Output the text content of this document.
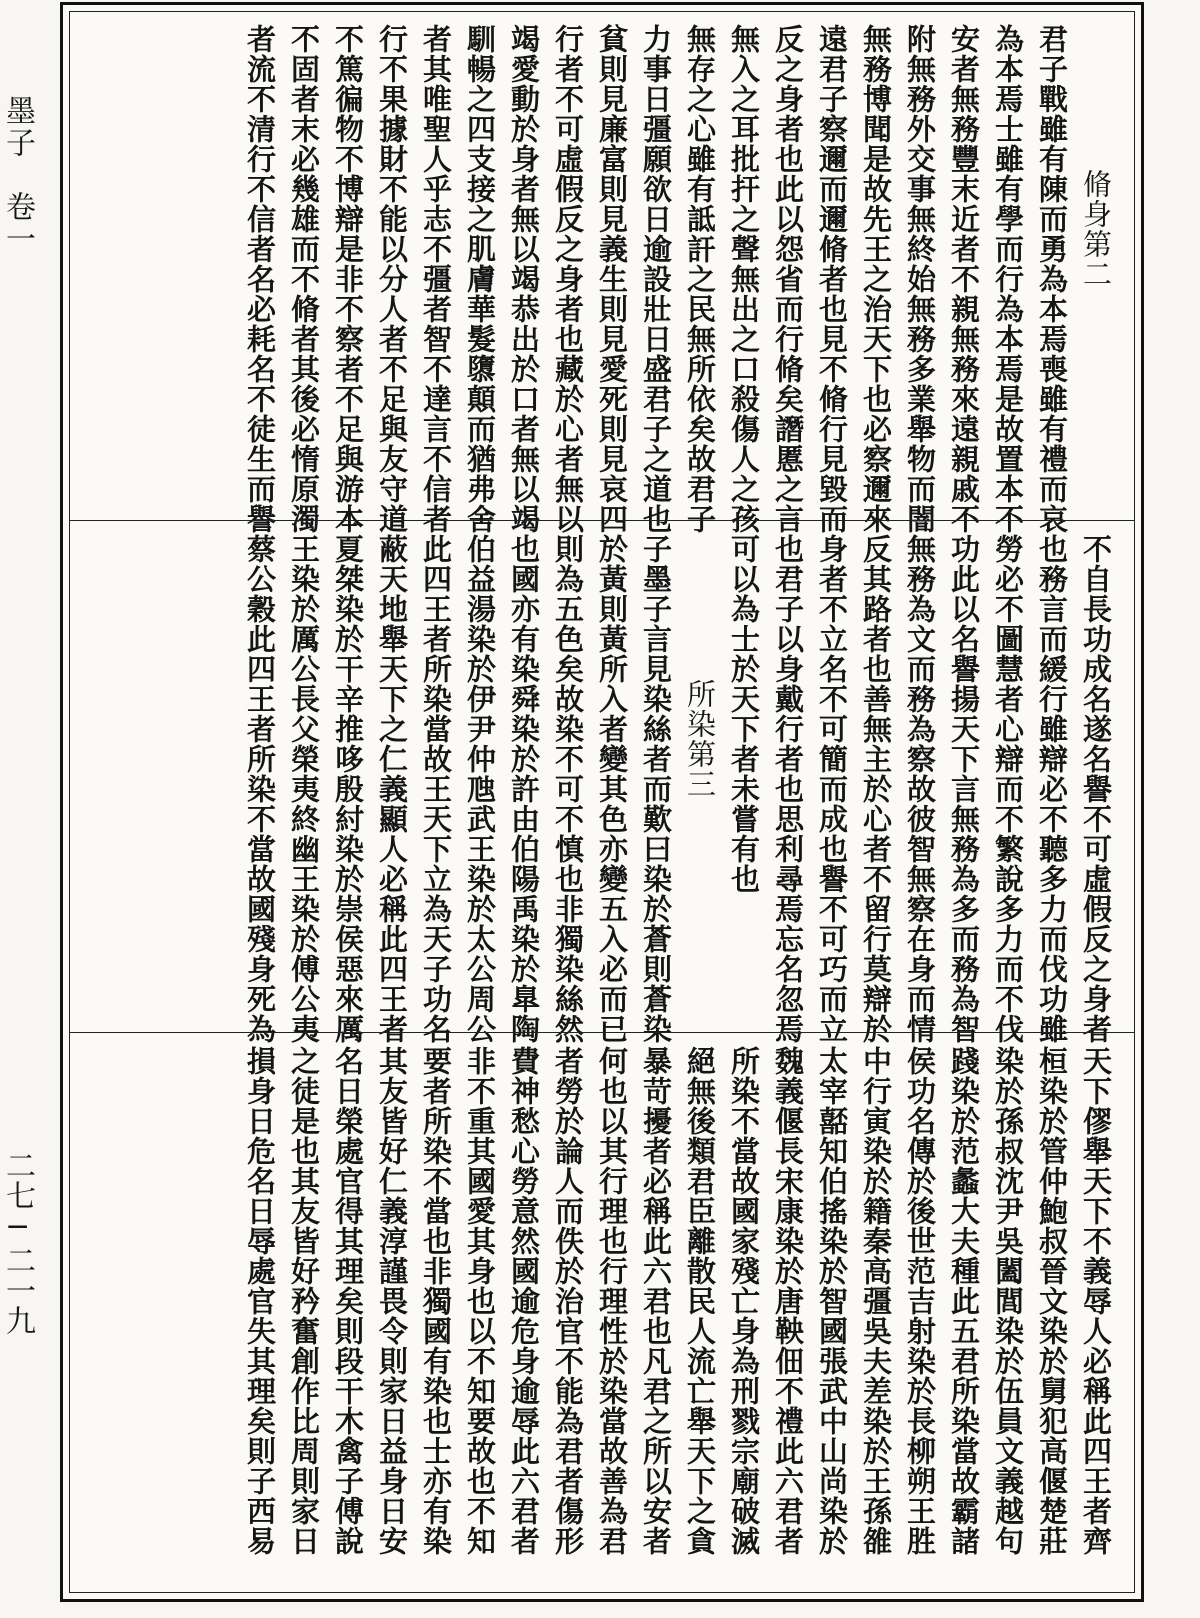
墨子　卷一
二七─二一九
脩身第二
君子戰雖有陳而勇為本焉喪雖有禮而哀
為本焉士雖有學而行為本焉是故置本不
安者無務豐末近者不親無務來遠親戚不
附無務外交事無終始無務多業舉物而闇
無務博聞是故先王之治天下也必察邇來
遠君子察邇而邇脩者也見不脩行見毀而
反之身者也此以怨省而行脩矣譖慝之言
無入之耳批扞之聲無出之口殺傷人之孩
無存之心雖有詆訐之民無所依矣故君子
力事日彊願欲日逾設壯日盛君子之道也
貧則見廉富則見義生則見愛死則見哀四
行者不可虛假反之身者也藏於心者無以
竭愛動於身者無以竭恭出於口者無以竭
馴暢之四支接之肌膚華髮隳顛而猶弗舍
者其唯聖人乎志不彊者智不達言不信者
行不果據財不能以分人者不足與友守道
不篤徧物不博辯是非不察者不足與游本
不固者末必幾雄而不脩者其後必惰原濁
者流不清行不信者名必耗名不徒生而譽
不自長功成名遂名譽不可虛假反之身者
也務言而緩行雖辯必不聽多力而伐功雖
勞必不圖慧者心辯而不繁說多力而不伐
功此以名譽揚天下言無務為多而務為智
無務為文而務為察故彼智無察在身而情
反其路者也善無主於心者不留行莫辯於
身者不立名不可簡而成也譽不可巧而立
也君子以身戴行者也思利尋焉忘名忽焉
可以為士於天下者未嘗有也
所染第三
子墨子言見染絲者而歎曰染於蒼則蒼染
於黃則黃所入者變其色亦變五入必而已
則為五色矣故染不可不慎也非獨染絲然
也國亦有染舜染於許由伯陽禹染於臯陶
伯益湯染於伊尹仲虺武王染於太公周公
此四王者所染當故王天下立為天子功名
蔽天地舉天下之仁義顯人必稱此四王者
夏桀染於干辛推哆殷紂染於崇侯惡來厲
王染於厲公長父榮夷終幽王染於傅公夷
蔡公穀此四王者所染不當故國殘身死為
天下僇舉天下不義辱人必稱此四王者齊
桓染於管仲鮑叔晉文染於舅犯高偃楚莊
染於孫叔沈尹吳闔閭染於伍員文義越句
踐染於范蠡大夫種此五君所染當故霸諸
侯功名傳於後世范吉射染於長柳朔王胜
中行寅染於籍秦高彊吳夫差染於王孫雒
太宰嚭知伯搖染於智國張武中山尚染於
魏義偃長宋康染於唐鞅佃不禮此六君者
所染不當故國家殘亡身為刑戮宗廟破滅
絕無後類君臣離散民人流亡舉天下之貪
暴苛擾者必稱此六君也凡君之所以安者
何也以其行理也行理性於染當故善為君
者勞於論人而佚於治官不能為君者傷形
費神愁心勞意然國逾危身逾辱此六君者
非不重其國愛其身也以不知要故也不知
要者所染不當也非獨國有染也士亦有染
其友皆好仁義淳謹畏令則家日益身日安
名日榮處官得其理矣則段干木禽子傅說
之徒是也其友皆好矜奮創作比周則家日
損身日危名日辱處官失其理矣則子西易
